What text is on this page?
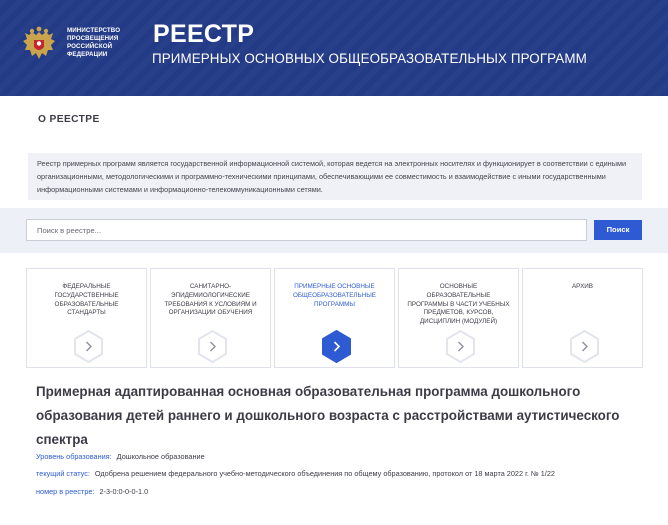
МИНИСТЕРСТВО ПРОСВЕЩЕНИЯ РОССИЙСКОЙ ФЕДЕРАЦИИ
РЕЕСТР
ПРИМЕРНЫХ ОСНОВНЫХ ОБЩЕОБРАЗОВАТЕЛЬНЫХ ПРОГРАММ
О РЕЕСТРЕ
Реестр примерных программ является государственной информационной системой, которая ведется на электронных носителях и функционирует в соответствии с едиными организационными, методологическими и программно-техническими принципами, обеспечивающими ее совместимость и взаимодействие с иными государственными информационными системами и информационно-телекоммуникационными сетями.
Поиск в реестре...
Поиск
ФЕДЕРАЛЬНЫЕ ГОСУДАРСТВЕННЫЕ ОБРАЗОВАТЕЛЬНЫЕ СТАНДАРТЫ
САНИТАРНО-ЭПИДЕМИОЛОГИЧЕСКИЕ ТРЕБОВАНИЯ К УСЛОВИЯМ И ОРГАНИЗАЦИИ ОБУЧЕНИЯ
ПРИМЕРНЫЕ ОСНОВНЫЕ ОБЩЕОБРАЗОВАТЕЛЬНЫЕ ПРОГРАММЫ
ОСНОВНЫЕ ОБРАЗОВАТЕЛЬНЫЕ ПРОГРАММЫ В ЧАСТИ УЧЕБНЫХ ПРЕДМЕТОВ, КУРСОВ, ДИСЦИПЛИН (МОДУЛЕЙ)
АРХИВ
Примерная адаптированная основная образовательная программа дошкольного образования детей раннего и дошкольного возраста с расстройствами аутистического спектра
Уровень образования: Дошкольное образование
текущий статус: Одобрена решением федерального учебно-методического объединения по общему образованию, протокол от 18 марта 2022 г. № 1/22
номер в реестре: 2-3-0:0-0-0-1.0
